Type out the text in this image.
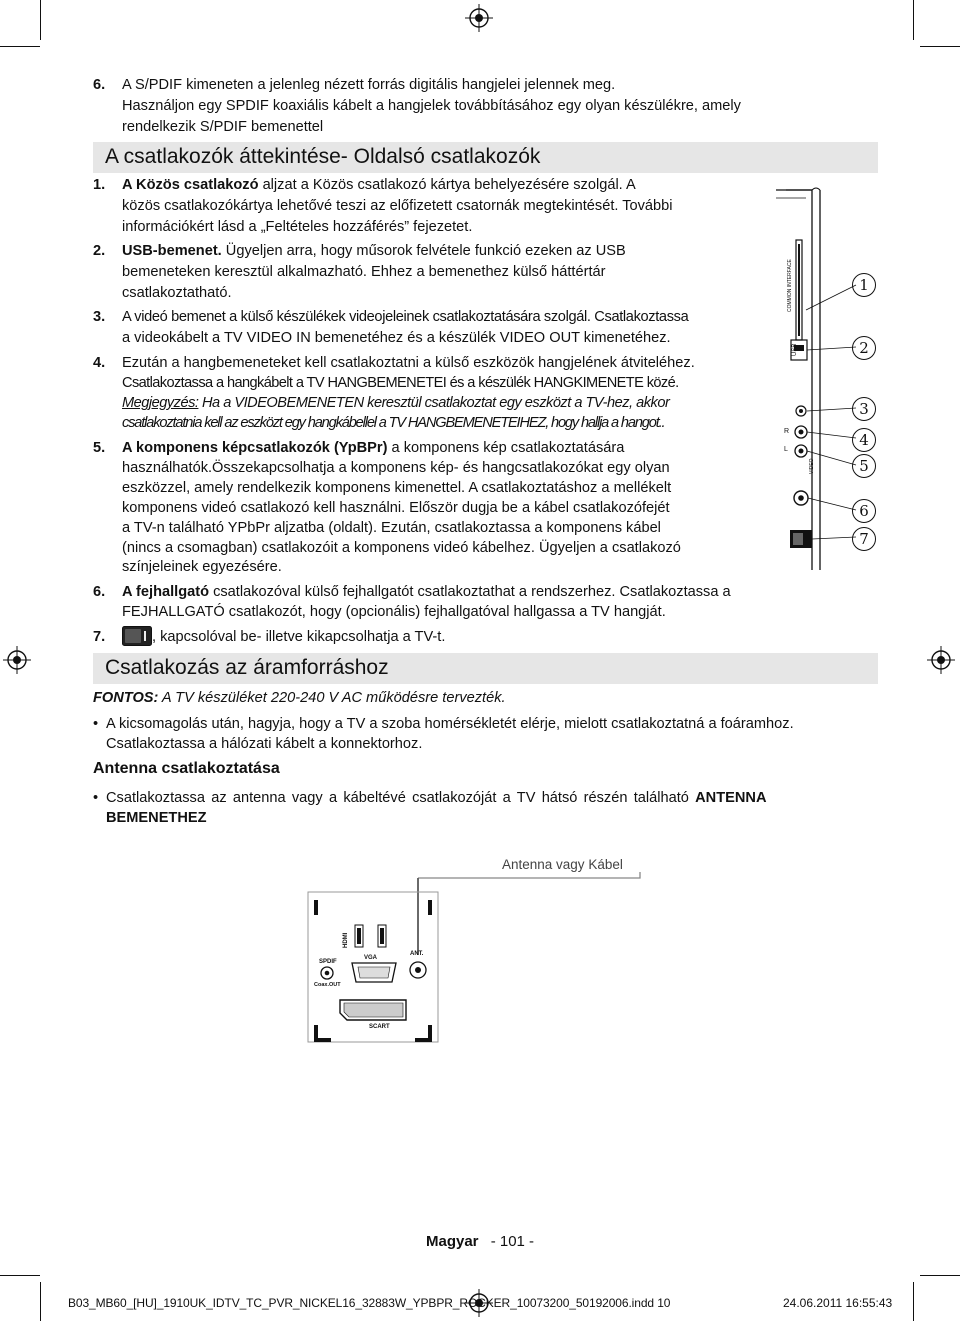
6. A S/PDIF kimeneten a jelenleg nézett forrás digitális hangjelei jelennek meg.
Használjon egy SPDIF koaxiális kábelt a hangjelek továbbításához egy olyan készülékre, amely
rendelkezik S/PDIF bemenettel
A csatlakozók áttekintése- Oldalsó csatlakozók
1. A Közös csatlakozó aljzat a Közös csatlakozó kártya behelyezésére szolgál. A
közös csatlakozókártya lehetővé teszi az előfizetett csatornák megtekintését. További
információkért lásd a „Feltételes hozzáférés” fejezetet.
2. USB-bemenet. Ügyeljen arra, hogy műsorok felvétele funkció ezeken az USB
bemeneteken keresztül alkalmazható. Ehhez a bemenethez külső háttértár
csatlakoztatható.
3. A videó bemenet a külső készülékek videojeleinek csatlakoztatására szolgál. Csatlakoztassa
a videokábelt a TV VIDEO IN bemenetéhez és a készülék VIDEO OUT kimenetéhez.
4. Ezután a hangbemeneteket kell csatlakoztatni a külső eszközök hangjelének átviteléhez.
Csatlakoztassa a hangkábelt a TV HANGBEMENETEI és a készülék HANGKIMENETE közé.
Megjegyzés: Ha a VIDEOBEMENETEN keresztül csatlakoztat egy eszközt a TV-hez, akkor
csatlakoztatnia kell az eszközt egy hangkábellel a TV HANGBEMENETEIHEZ, hogy hallja a hangot..
5. A komponens képcsatlakozók (YpBPr) a komponens kép csatlakoztatására
használhatók.Összekapcsolhatja a komponens kép- és hangcsatlakozókat egy olyan
eszközzel, amely rendelkezik komponens kimenettel. A csatlakoztatáshoz a mellékelt
komponens videó csatlakozó kell használni. Először dugja be a kábel csatlakozófejét
a TV-n található YPbPr aljzatba (oldalt). Ezután, csatlakoztassa a komponens kábel
(nincs a csomagban) csatlakozóit a komponens videó kábelhez. Ügyeljen a csatlakozó
színjeleinek egyezésére.
6. A fejhallgató csatlakozóval külső fejhallgatót csatlakoztathat a rendszerhez. Csatlakoztassa a
FEJHALLGATÓ csatlakozót, hogy (opcionális) fejhallgatóval hallgassa a TV hangját.
7.	, kapcsolóval be- illetve kikapcsolhatja a TV-t.
COMMON INTERFACE
USB
R
L
VIDEO
1
2
3
4
5
6
7
Csatlakozás az áramforráshoz
FONTOS: A TV készüléket 220-240 V AC működésre tervezték.
• A kicsomagolás után, hagyja, hogy a TV a szoba homérsékletét elérje, mielott csatlakoztatná a foáramhoz.
Csatlakoztassa a hálózati kábelt a konnektorhoz.
Antenna csatlakoztatása
• Csatlakoztassa az antenna vagy a kábeltévé csatlakozóját a TV hátsó részén található ANTENNA
BEMENETHEZ
Antenna vagy Kábel
HDMI
SPDIF
Coax.OUT
VGA
ANT.
SCART
Magyar - 101 -
B03_MB60_[HU]_1910UK_IDTV_TC_PVR_NICKEL16_32883W_YPBPR_ROCKER_10073200_50192006.indd 10	24.06.2011 16:55:43
